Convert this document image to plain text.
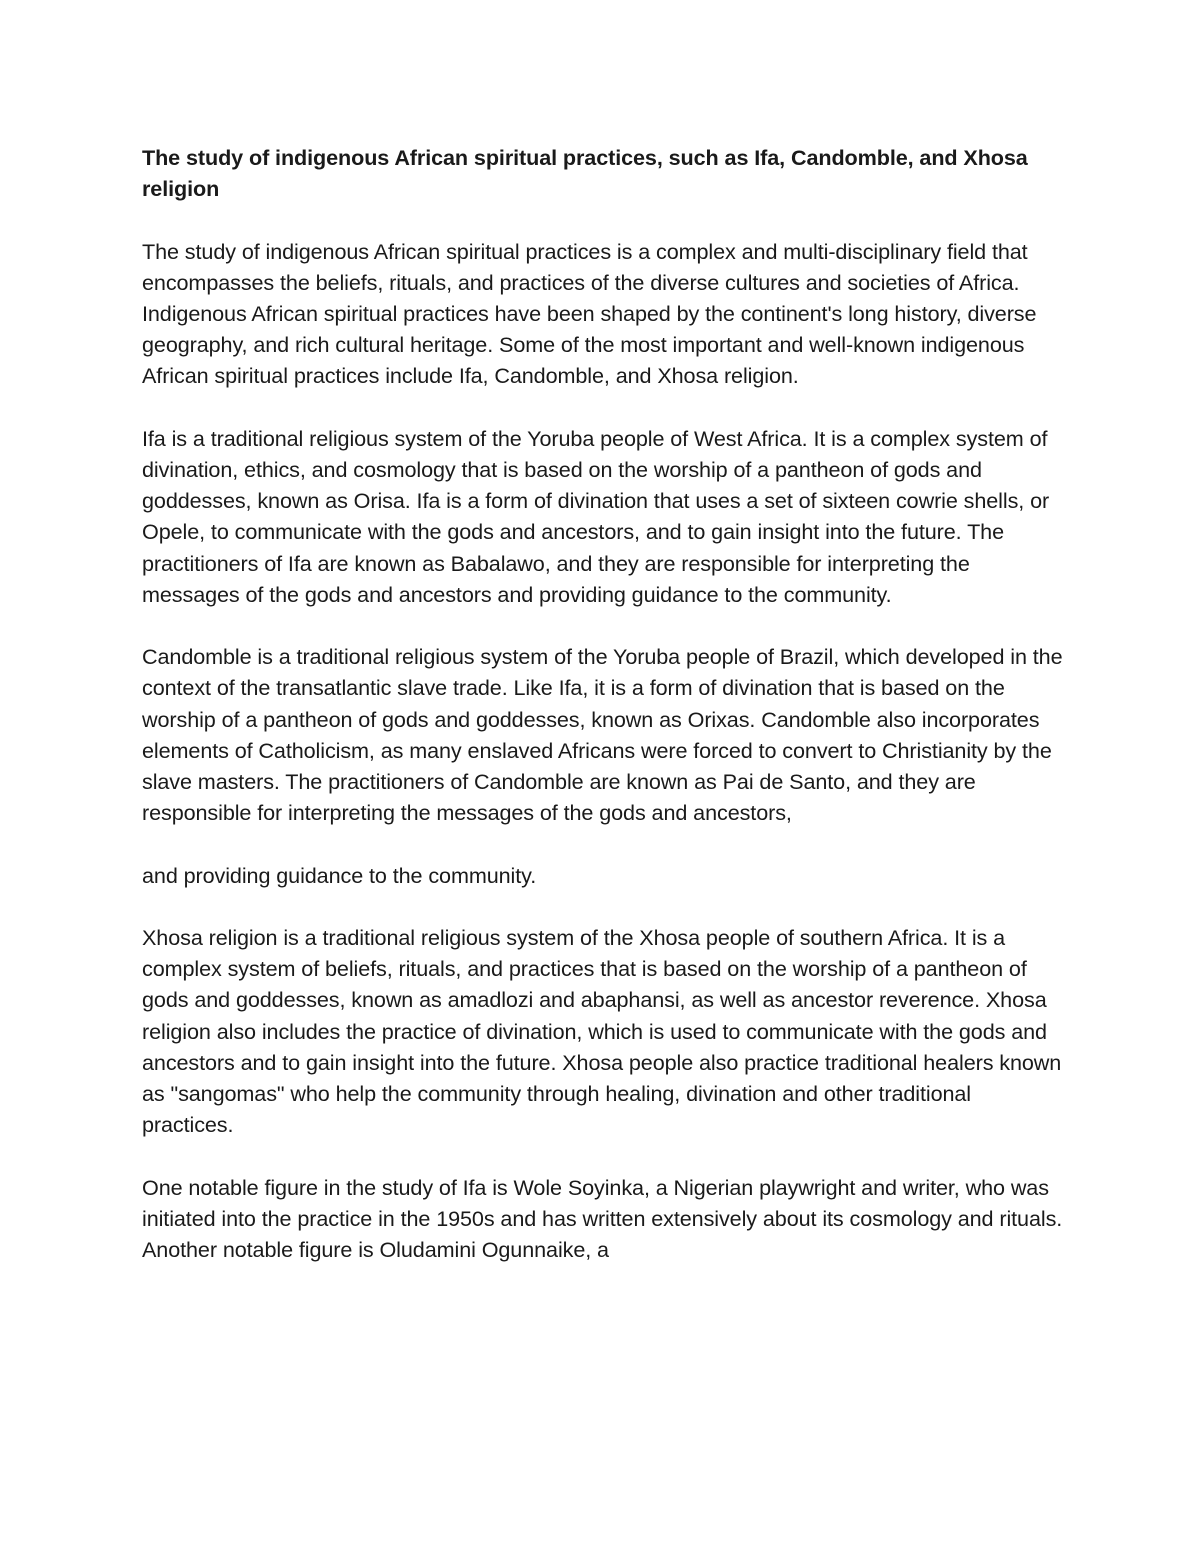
The study of indigenous African spiritual practices, such as Ifa, Candomble, and Xhosa religion

The study of indigenous African spiritual practices is a complex and multi-disciplinary field that encompasses the beliefs, rituals, and practices of the diverse cultures and societies of Africa. Indigenous African spiritual practices have been shaped by the continent's long history, diverse geography, and rich cultural heritage. Some of the most important and well-known indigenous African spiritual practices include Ifa, Candomble, and Xhosa religion.

Ifa is a traditional religious system of the Yoruba people of West Africa. It is a complex system of divination, ethics, and cosmology that is based on the worship of a pantheon of gods and goddesses, known as Orisa. Ifa is a form of divination that uses a set of sixteen cowrie shells, or Opele, to communicate with the gods and ancestors, and to gain insight into the future. The practitioners of Ifa are known as Babalawo, and they are responsible for interpreting the messages of the gods and ancestors and providing guidance to the community.

Candomble is a traditional religious system of the Yoruba people of Brazil, which developed in the context of the transatlantic slave trade. Like Ifa, it is a form of divination that is based on the worship of a pantheon of gods and goddesses, known as Orixas. Candomble also incorporates elements of Catholicism, as many enslaved Africans were forced to convert to Christianity by the slave masters. The practitioners of Candomble are known as Pai de Santo, and they are responsible for interpreting the messages of the gods and ancestors,

and providing guidance to the community.

Xhosa religion is a traditional religious system of the Xhosa people of southern Africa. It is a complex system of beliefs, rituals, and practices that is based on the worship of a pantheon of gods and goddesses, known as amadlozi and abaphansi, as well as ancestor reverence. Xhosa religion also includes the practice of divination, which is used to communicate with the gods and ancestors and to gain insight into the future. Xhosa people also practice traditional healers known as "sangomas" who help the community through healing, divination and other traditional practices.

One notable figure in the study of Ifa is Wole Soyinka, a Nigerian playwright and writer, who was initiated into the practice in the 1950s and has written extensively about its cosmology and rituals. Another notable figure is Oludamini Ogunnaike, a
